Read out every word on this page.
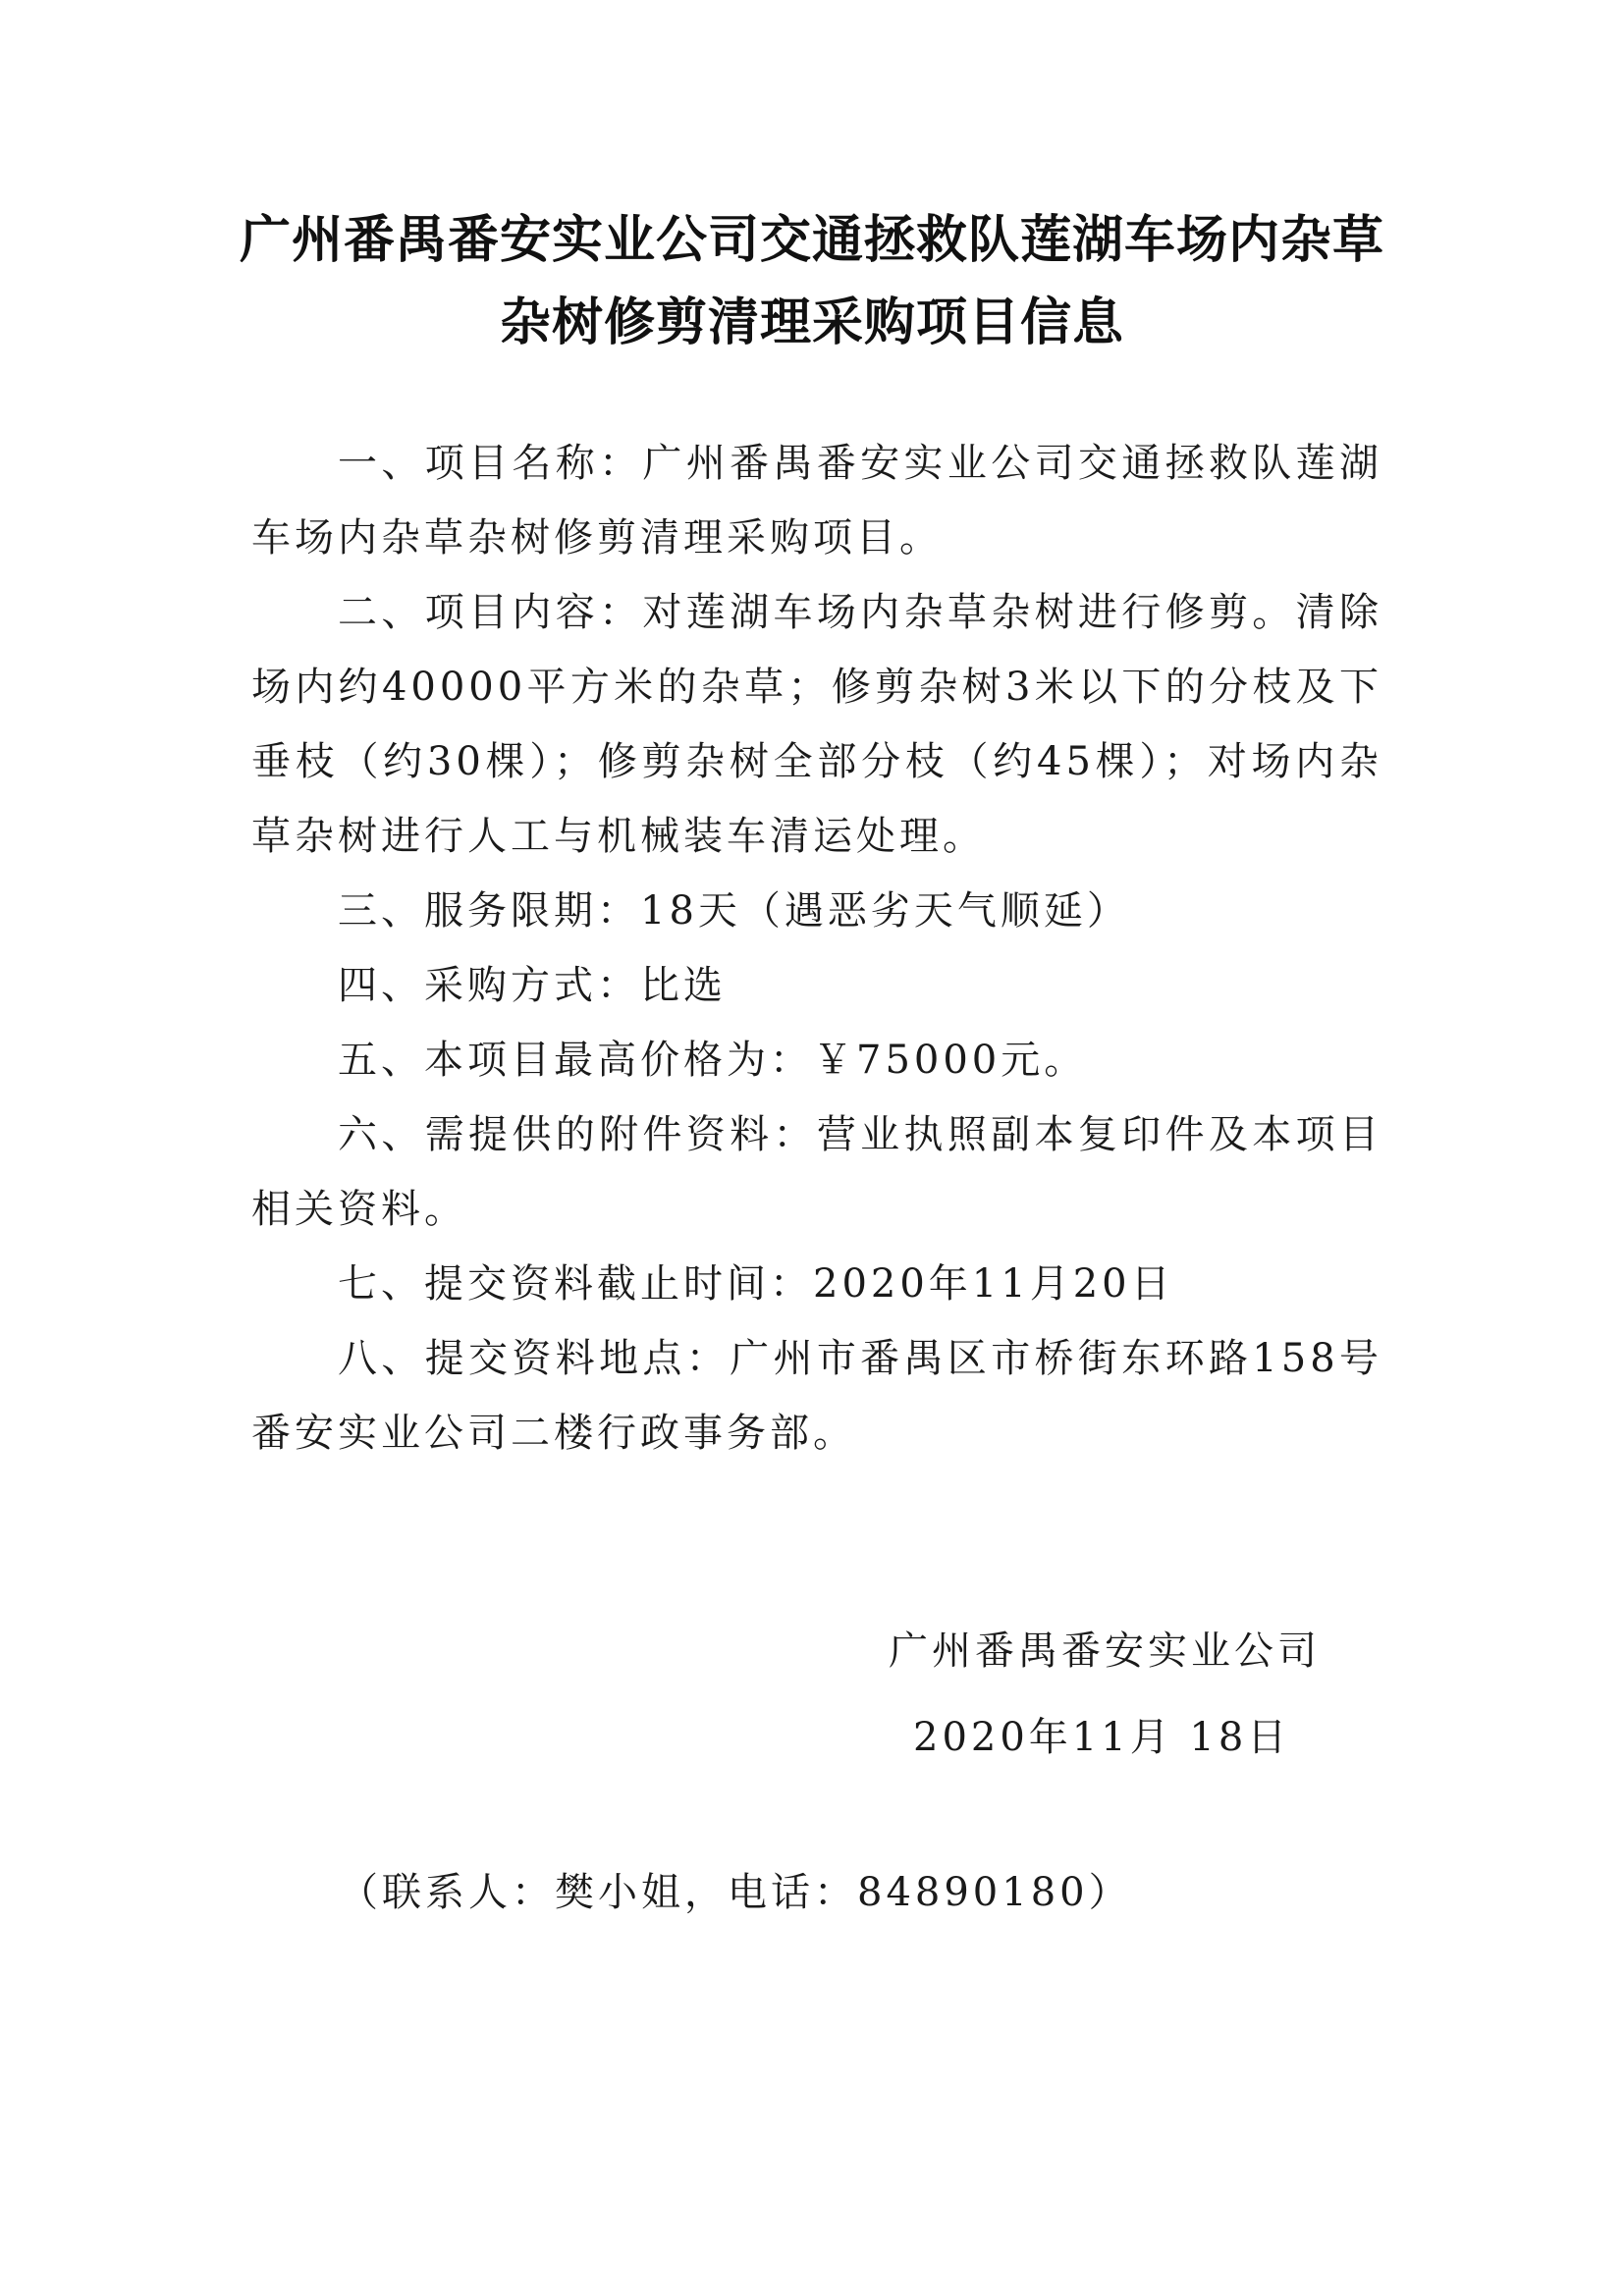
广州番禺番安实业公司交通拯救队莲湖车场内杂草
杂树修剪清理采购项目信息

一、项目名称：广州番禺番安实业公司交通拯救队莲湖车场内杂草杂树修剪清理采购项目。

二、项目内容：对莲湖车场内杂草杂树进行修剪。清除场内约40000平方米的杂草；修剪杂树3米以下的分枝及下垂枝（约30棵）；修剪杂树全部分枝（约45棵）；对场内杂草杂树进行人工与机械装车清运处理。

三、服务限期：18天（遇恶劣天气顺延）

四、采购方式：比选

五、本项目最高价格为：￥75000元。

六、需提供的附件资料：营业执照副本复印件及本项目相关资料。

七、提交资料截止时间：2020年11月20日

八、提交资料地点：广州市番禺区市桥街东环路158号番安实业公司二楼行政事务部。

广州番禺番安实业公司
2020年11月 18日
（联系人：樊小姐，电话：84890180）
